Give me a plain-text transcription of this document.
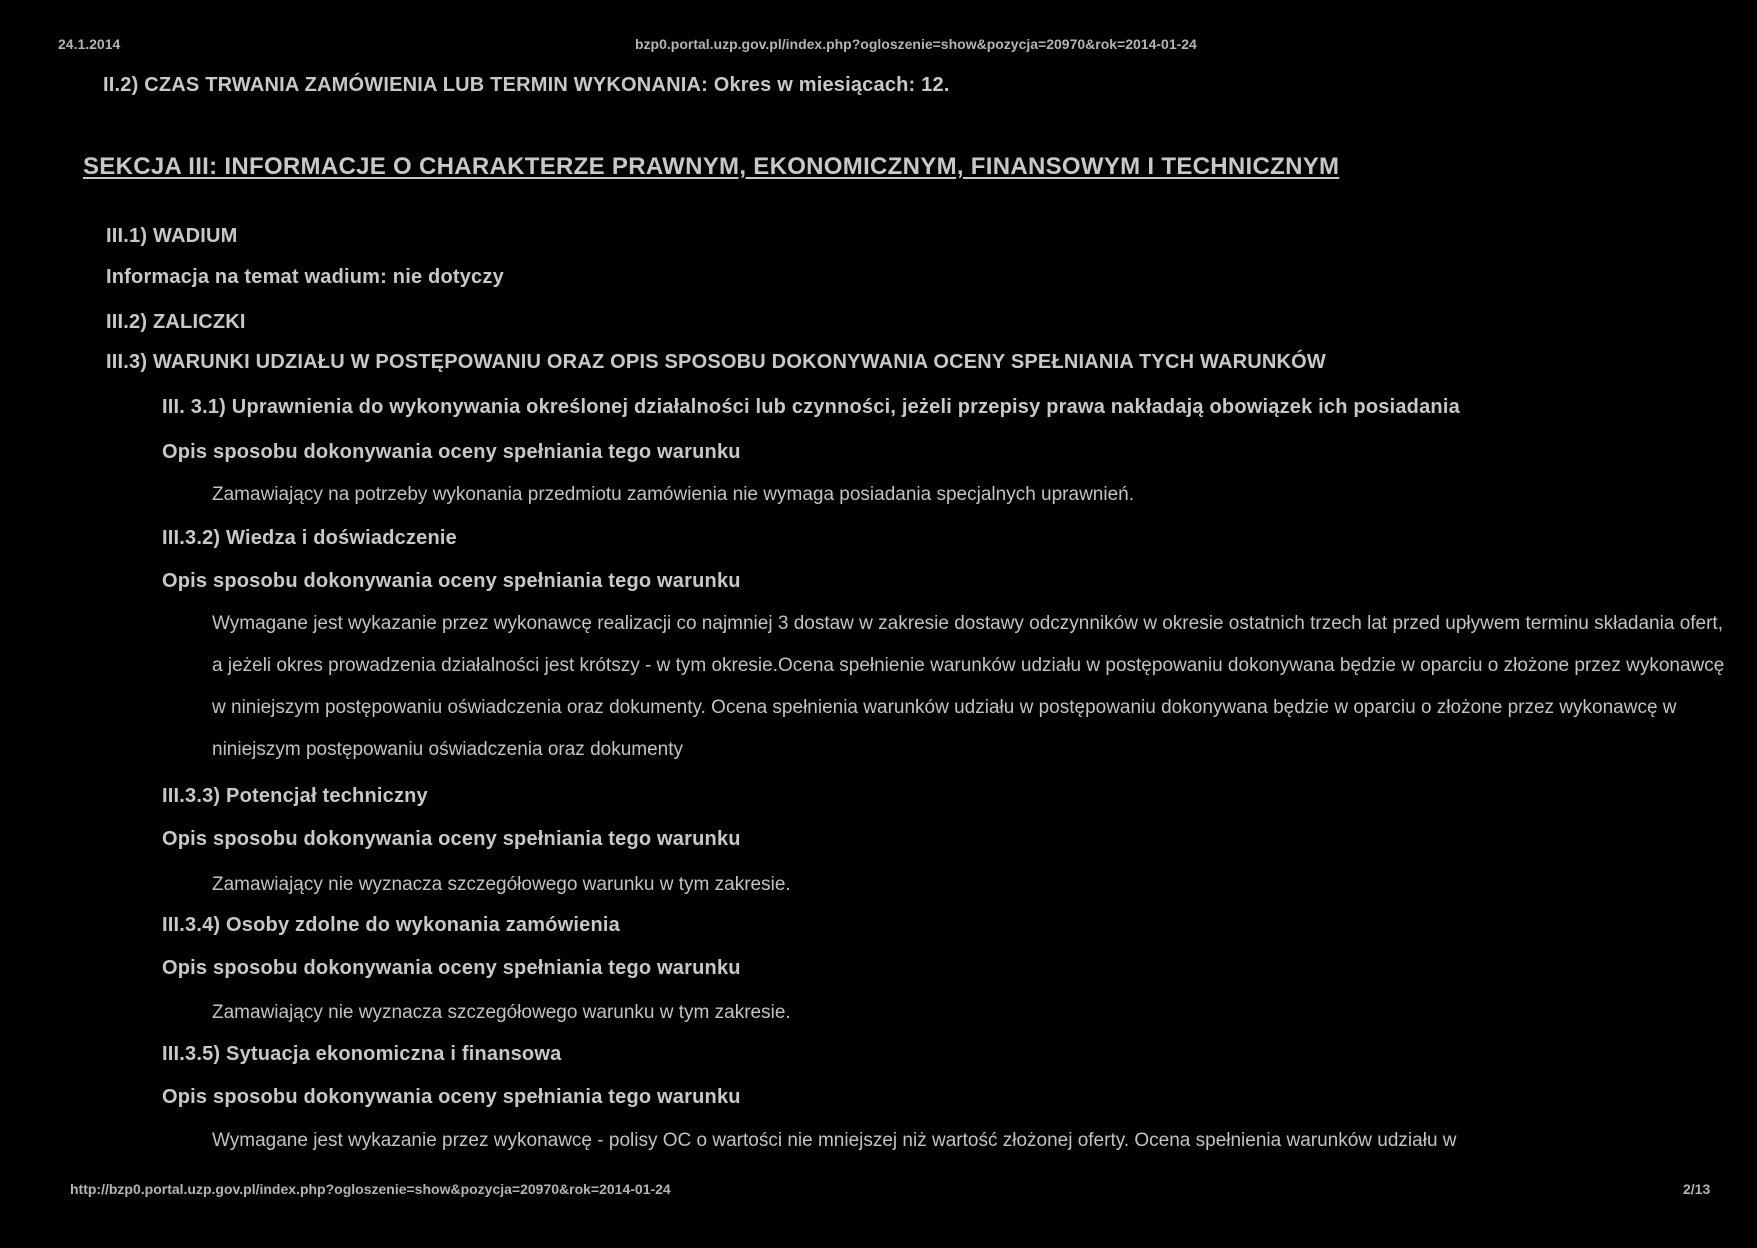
24.1.2014	bzp0.portal.uzp.gov.pl/index.php?ogloszenie=show&pozycja=20970&rok=2014-01-24
II.2) CZAS TRWANIA ZAMÓWIENIA LUB TERMIN WYKONANIA: Okres w miesiącach: 12.
SEKCJA III: INFORMACJE O CHARAKTERZE PRAWNYM, EKONOMICZNYM, FINANSOWYM I TECHNICZNYM
III.1) WADIUM
Informacja na temat wadium: nie dotyczy
III.2) ZALICZKI
III.3) WARUNKI UDZIAŁU W POSTĘPOWANIU ORAZ OPIS SPOSOBU DOKONYWANIA OCENY SPEŁNIANIA TYCH WARUNKÓW
III. 3.1) Uprawnienia do wykonywania określonej działalności lub czynności, jeżeli przepisy prawa nakładają obowiązek ich posiadania
Opis sposobu dokonywania oceny spełniania tego warunku
Zamawiający na potrzeby wykonania przedmiotu zamówienia nie wymaga posiadania specjalnych uprawnień.
III.3.2) Wiedza i doświadczenie
Opis sposobu dokonywania oceny spełniania tego warunku
Wymagane jest wykazanie przez wykonawcę realizacji co najmniej 3 dostaw w zakresie dostawy odczynników w okresie ostatnich trzech lat przed upływem terminu składania ofert, a jeżeli okres prowadzenia działalności jest krótszy - w tym okresie.Ocena spełnienie warunków udziału w postępowaniu dokonywana będzie w oparciu o złożone przez wykonawcę w niniejszym postępowaniu oświadczenia oraz dokumenty. Ocena spełnienia warunków udziału w postępowaniu dokonywana będzie w oparciu o złożone przez wykonawcę w niniejszym postępowaniu oświadczenia oraz dokumenty
III.3.3) Potencjał techniczny
Opis sposobu dokonywania oceny spełniania tego warunku
Zamawiający nie wyznacza szczegółowego warunku w tym zakresie.
III.3.4) Osoby zdolne do wykonania zamówienia
Opis sposobu dokonywania oceny spełniania tego warunku
Zamawiający nie wyznacza szczegółowego warunku w tym zakresie.
III.3.5) Sytuacja ekonomiczna i finansowa
Opis sposobu dokonywania oceny spełniania tego warunku
Wymagane jest wykazanie przez wykonawcę - polisy OC o wartości nie mniejszej niż wartość złożonej oferty. Ocena spełnienia warunków udziału w
http://bzp0.portal.uzp.gov.pl/index.php?ogloszenie=show&pozycja=20970&rok=2014-01-24	2/13
